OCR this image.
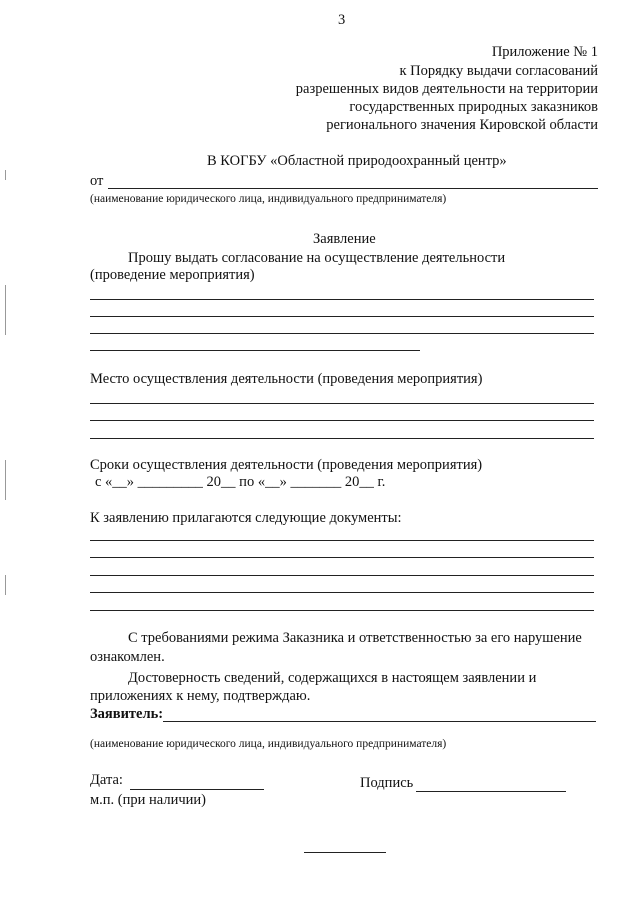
3
Приложение № 1
к Порядку выдачи согласований
разрешенных видов деятельности на территории
государственных природных заказников
регионального значения Кировской области
В КОГБУ «Областной природоохранный центр»
от
(наименование юридического лица, индивидуального предпринимателя)
Заявление
Прошу выдать согласование на осуществление деятельности
(проведение мероприятия)
Место осуществления деятельности (проведения мероприятия)
Сроки осуществления деятельности (проведения мероприятия)
с «__» _________ 20__ по «__» _______ 20__ г.
К заявлению прилагаются следующие документы:
С требованиями режима Заказника и ответственностью за его нарушение
ознакомлен.
Достоверность сведений, содержащихся в настоящем заявлении и
приложениях к нему, подтверждаю.
Заявитель:
(наименование юридического лица, индивидуального предпринимателя)
Дата:	Подпись
м.п. (при наличии)
